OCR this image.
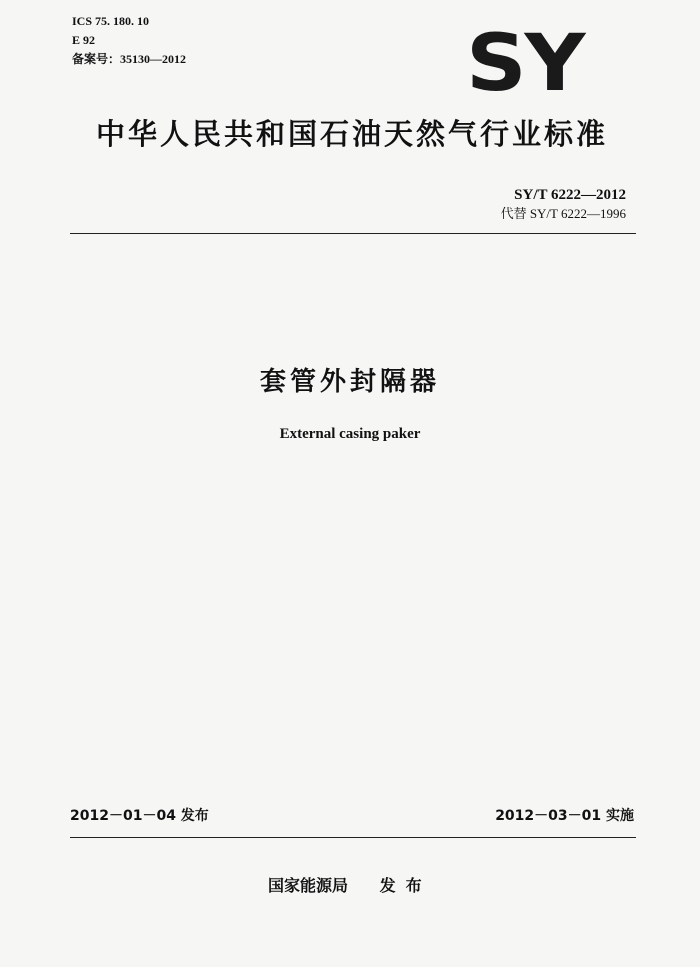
ICS 75. 180. 10
E 92
备案号：35130—2012	SY
中华人民共和国石油天然气行业标准
SY/T 6222—2012
代替 SY/T 6222—1996
套管外封隔器
External casing paker
2012－01－04 发布	2012－03－01 实施
国家能源局 发布
